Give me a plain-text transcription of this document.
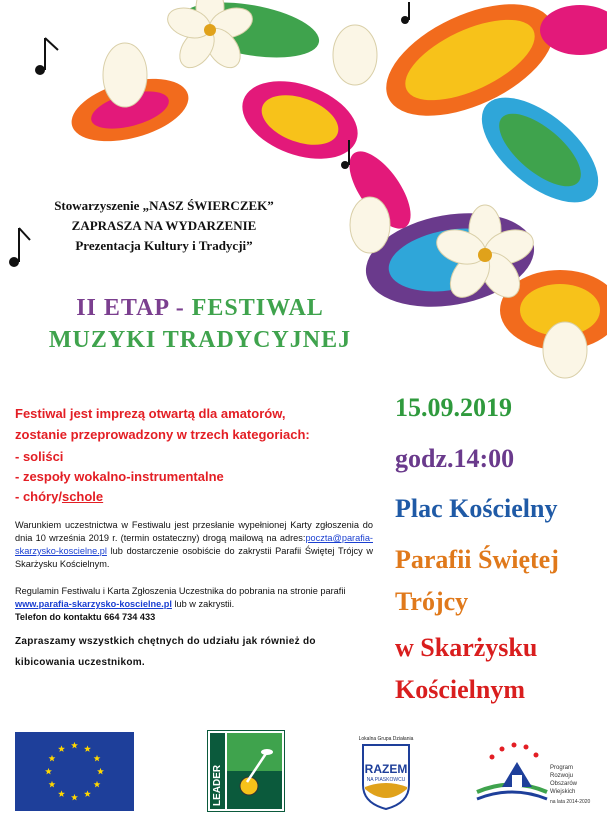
Stowarzyszenie „NASZ ŚWIERCZEK”
ZAPRASZA NA WYDARZENIE
Prezentacja Kultury i Tradycji”
II ETAP - FESTIWAL
MUZYKI TRADYCYJNEJ
Festiwal jest imprezą otwartą dla amatorów,
zostanie przeprowadzony w trzech kategoriach:
- soliści
- zespoły wokalno-instrumentalne
- chóry/schole
Warunkiem uczestnictwa w Festiwalu jest przesłanie wypełnionej Karty zgłoszenia do dnia 10 września 2019 r. (termin ostateczny) drogą mailową na adres:poczta@parafia-skarzysko-koscielne.pl lub dostarczenie osobiście do zakrystii Parafii Świętej Trójcy w Skarżysku Kościelnym.
Regulamin Festiwalu i Karta Zgłoszenia Uczestnika do pobrania na stronie parafii
www.parafia-skarzysko-koscielne.pl lub w zakrystii.
Telefon do kontaktu 664 734 433
Zapraszamy wszystkich chętnych do udziału jak również do kibicowania uczestnikom.
15.09.2019
godz.14:00
Plac Kościelny
Parafii Świętej
Trójcy
w Skarżysku
Kościelnym
LEADER
Lokalna Grupa Działania
RAZEM
NA PIASKOWCU
Program
Rozwoju
Obszarów
Wiejskich
na lata 2014-2020
